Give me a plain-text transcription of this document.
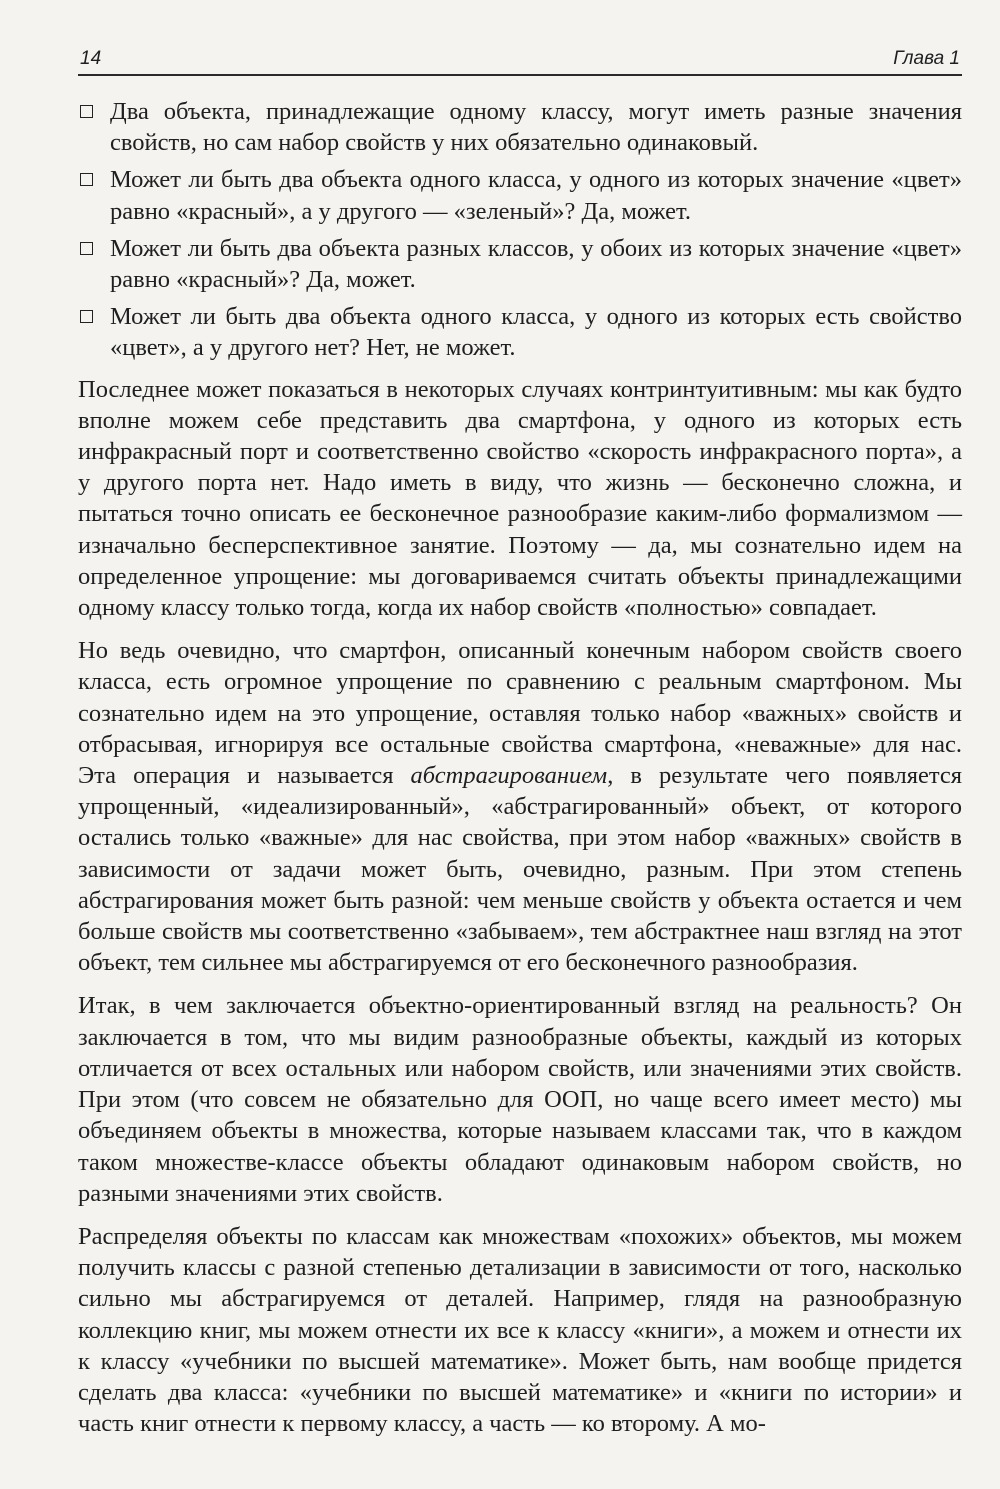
14	Глава 1
Два объекта, принадлежащие одному классу, могут иметь разные значения свойств, но сам набор свойств у них обязательно одинаковый.
Может ли быть два объекта одного класса, у одного из которых значение «цвет» равно «красный», а у другого — «зеленый»? Да, может.
Может ли быть два объекта разных классов, у обоих из которых значение «цвет» равно «красный»? Да, может.
Может ли быть два объекта одного класса, у одного из которых есть свойство «цвет», а у другого нет? Нет, не может.

Последнее может показаться в некоторых случаях контринтуитивным: мы как будто вполне можем себе представить два смартфона, у одного из которых есть инфракрасный порт и соответственно свойство «скорость инфракрасного порта», а у другого порта нет. Надо иметь в виду, что жизнь — бесконечно сложна, и пытаться точно описать ее бесконечное разнообразие каким-либо формализмом — изначально бесперспективное занятие. Поэтому — да, мы сознательно идем на определенное упрощение: мы договариваемся считать объекты принадлежащими одному классу только тогда, когда их набор свойств «полностью» совпадает.

Но ведь очевидно, что смартфон, описанный конечным набором свойств своего класса, есть огромное упрощение по сравнению с реальным смартфоном. Мы сознательно идем на это упрощение, оставляя только набор «важных» свойств и отбрасывая, игнорируя все остальные свойства смартфона, «неважные» для нас. Эта операция и называется абстрагированием, в результате чего появляется упрощенный, «идеализированный», «абстрагированный» объект, от которого остались только «важные» для нас свойства, при этом набор «важных» свойств в зависимости от задачи может быть, очевидно, разным. При этом степень абстрагирования может быть разной: чем меньше свойств у объекта остается и чем больше свойств мы соответственно «забываем», тем абстрактнее наш взгляд на этот объект, тем сильнее мы абстрагируемся от его бесконечного разнообразия.

Итак, в чем заключается объектно-ориентированный взгляд на реальность? Он заключается в том, что мы видим разнообразные объекты, каждый из которых отличается от всех остальных или набором свойств, или значениями этих свойств. При этом (что совсем не обязательно для ООП, но чаще всего имеет место) мы объединяем объекты в множества, которые называем классами так, что в каждом таком множестве-классе объекты обладают одинаковым набором свойств, но разными значениями этих свойств.

Распределяя объекты по классам как множествам «похожих» объектов, мы можем получить классы с разной степенью детализации в зависимости от того, насколько сильно мы абстрагируемся от деталей. Например, глядя на разнообразную коллекцию книг, мы можем отнести их все к классу «книги», а можем и отнести их к классу «учебники по высшей математике». Может быть, нам вообще придется сделать два класса: «учебники по высшей математике» и «книги по истории» и часть книг отнести к первому классу, а часть — ко второму. А мо-
